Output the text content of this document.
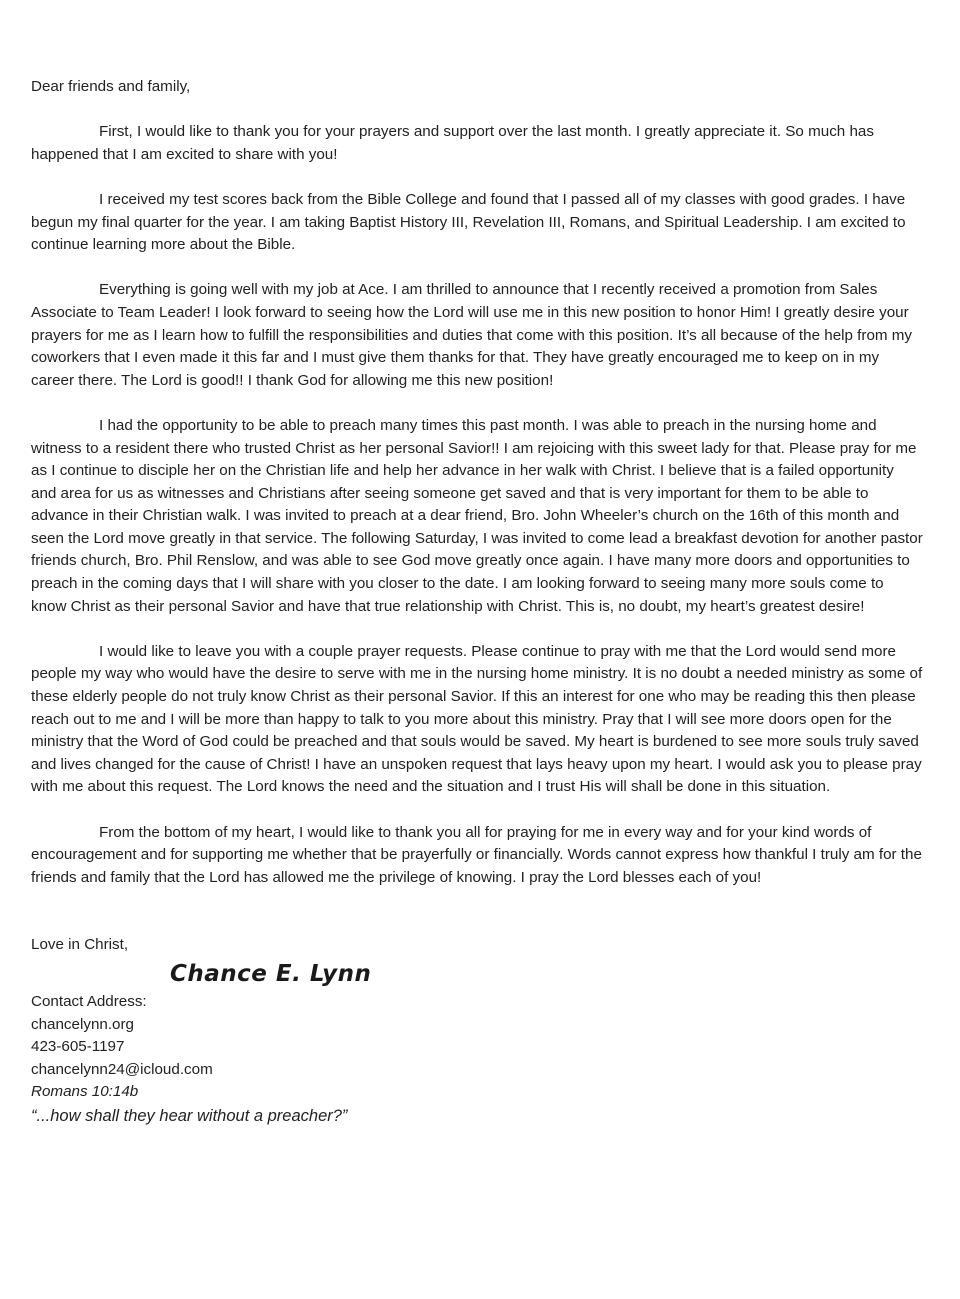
Dear friends and family,

First, I would like to thank you for your prayers and support over the last month. I greatly appreciate it. So much has happened that I am excited to share with you!

I received my test scores back from the Bible College and found that I passed all of my classes with good grades. I have begun my final quarter for the year. I am taking Baptist History III, Revelation III, Romans, and Spiritual Leadership. I am excited to continue learning more about the Bible.

Everything is going well with my job at Ace. I am thrilled to announce that I recently received a promotion from Sales Associate to Team Leader! I look forward to seeing how the Lord will use me in this new position to honor Him! I greatly desire your prayers for me as I learn how to fulfill the responsibilities and duties that come with this position. It’s all because of the help from my coworkers that I even made it this far and I must give them thanks for that. They have greatly encouraged me to keep on in my career there. The Lord is good!! I thank God for allowing me this new position!

I had the opportunity to be able to preach many times this past month. I was able to preach in the nursing home and witness to a resident there who trusted Christ as her personal Savior!! I am rejoicing with this sweet lady for that. Please pray for me as I continue to disciple her on the Christian life and help her advance in her walk with Christ. I believe that is a failed opportunity and area for us as witnesses and Christians after seeing someone get saved and that is very important for them to be able to advance in their Christian walk. I was invited to preach at a dear friend, Bro. John Wheeler’s church on the 16th of this month and seen the Lord move greatly in that service. The following Saturday, I was invited to come lead a breakfast devotion for another pastor friends church, Bro. Phil Renslow, and was able to see God move greatly once again. I have many more doors and opportunities to preach in the coming days that I will share with you closer to the date. I am looking forward to seeing many more souls come to know Christ as their personal Savior and have that true relationship with Christ. This is, no doubt, my heart’s greatest desire!

I would like to leave you with a couple prayer requests. Please continue to pray with me that the Lord would send more people my way who would have the desire to serve with me in the nursing home ministry. It is no doubt a needed ministry as some of these elderly people do not truly know Christ as their personal Savior. If this an interest for one who may be reading this then please reach out to me and I will be more than happy to talk to you more about this ministry. Pray that I will see more doors open for the ministry that the Word of God could be preached and that souls would be saved. My heart is burdened to see more souls truly saved and lives changed for the cause of Christ! I have an unspoken request that lays heavy upon my heart. I would ask you to please pray with me about this request. The Lord knows the need and the situation and I trust His will shall be done in this situation.

From the bottom of my heart, I would like to thank you all for praying for me in every way and for your kind words of encouragement and for supporting me whether that be prayerfully or financially. Words cannot express how thankful I truly am for the friends and family that the Lord has allowed me the privilege of knowing. I pray the Lord blesses each of you!

Love in Christ,
Chance E. Lynn
Contact Address:
chancelynn.org
423-605-1197
chancelynn24@icloud.com
Romans 10:14b
“...how shall they hear without a preacher?”
